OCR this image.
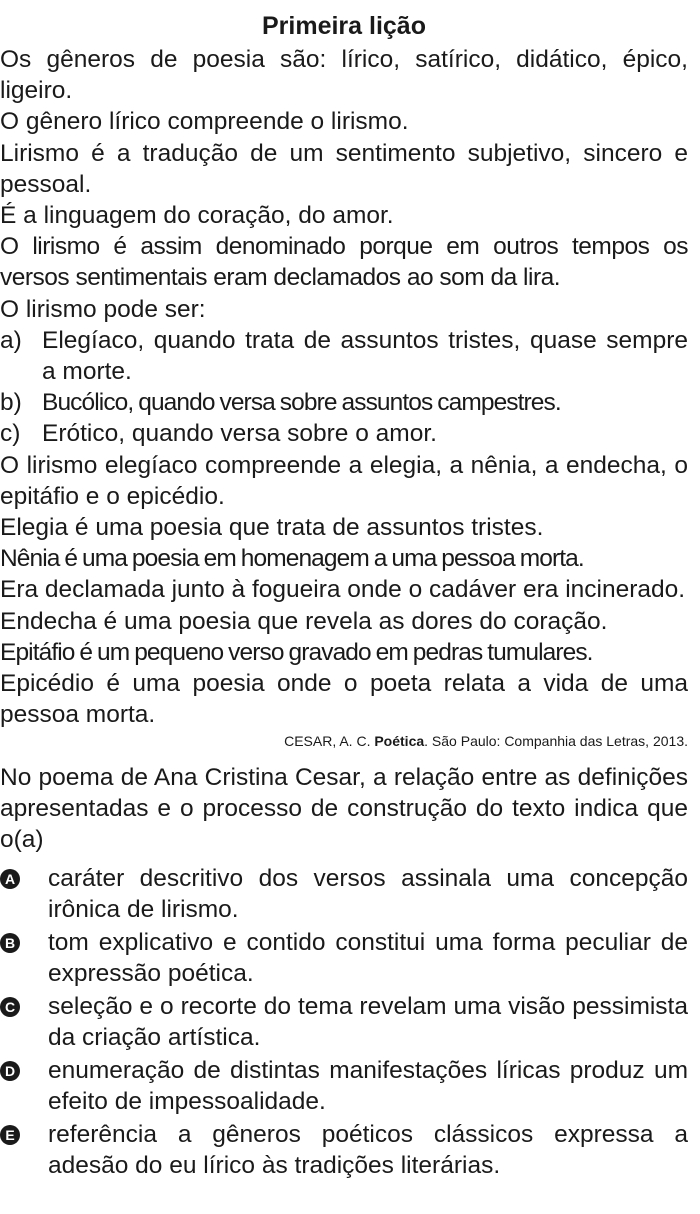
Primeira lição

Os gêneros de poesia são: lírico, satírico, didático, épico, ligeiro.

O gênero lírico compreende o lirismo.

Lirismo é a tradução de um sentimento subjetivo, sincero e pessoal.

É a linguagem do coração, do amor.

O lirismo é assim denominado porque em outros tempos os versos sentimentais eram declamados ao som da lira.

O lirismo pode ser:

a) Elegíaco, quando trata de assuntos tristes, quase sempre a morte.
b) Bucólico, quando versa sobre assuntos campestres.
c) Erótico, quando versa sobre o amor.

O lirismo elegíaco compreende a elegia, a nênia, a endecha, o epitáfio e o epicédio.

Elegia é uma poesia que trata de assuntos tristes.

Nênia é uma poesia em homenagem a uma pessoa morta.

Era declamada junto à fogueira onde o cadáver era incinerado.

Endecha é uma poesia que revela as dores do coração.

Epitáfio é um pequeno verso gravado em pedras tumulares.

Epicédio é uma poesia onde o poeta relata a vida de uma pessoa morta.

CESAR, A. C. Poética. São Paulo: Companhia das Letras, 2013.

No poema de Ana Cristina Cesar, a relação entre as definições apresentadas e o processo de construção do texto indica que o(a)

A caráter descritivo dos versos assinala uma concepção irônica de lirismo.
B tom explicativo e contido constitui uma forma peculiar de expressão poética.
C seleção e o recorte do tema revelam uma visão pessimista da criação artística.
D enumeração de distintas manifestações líricas produz um efeito de impessoalidade.
E referência a gêneros poéticos clássicos expressa a adesão do eu lírico às tradições literárias.
